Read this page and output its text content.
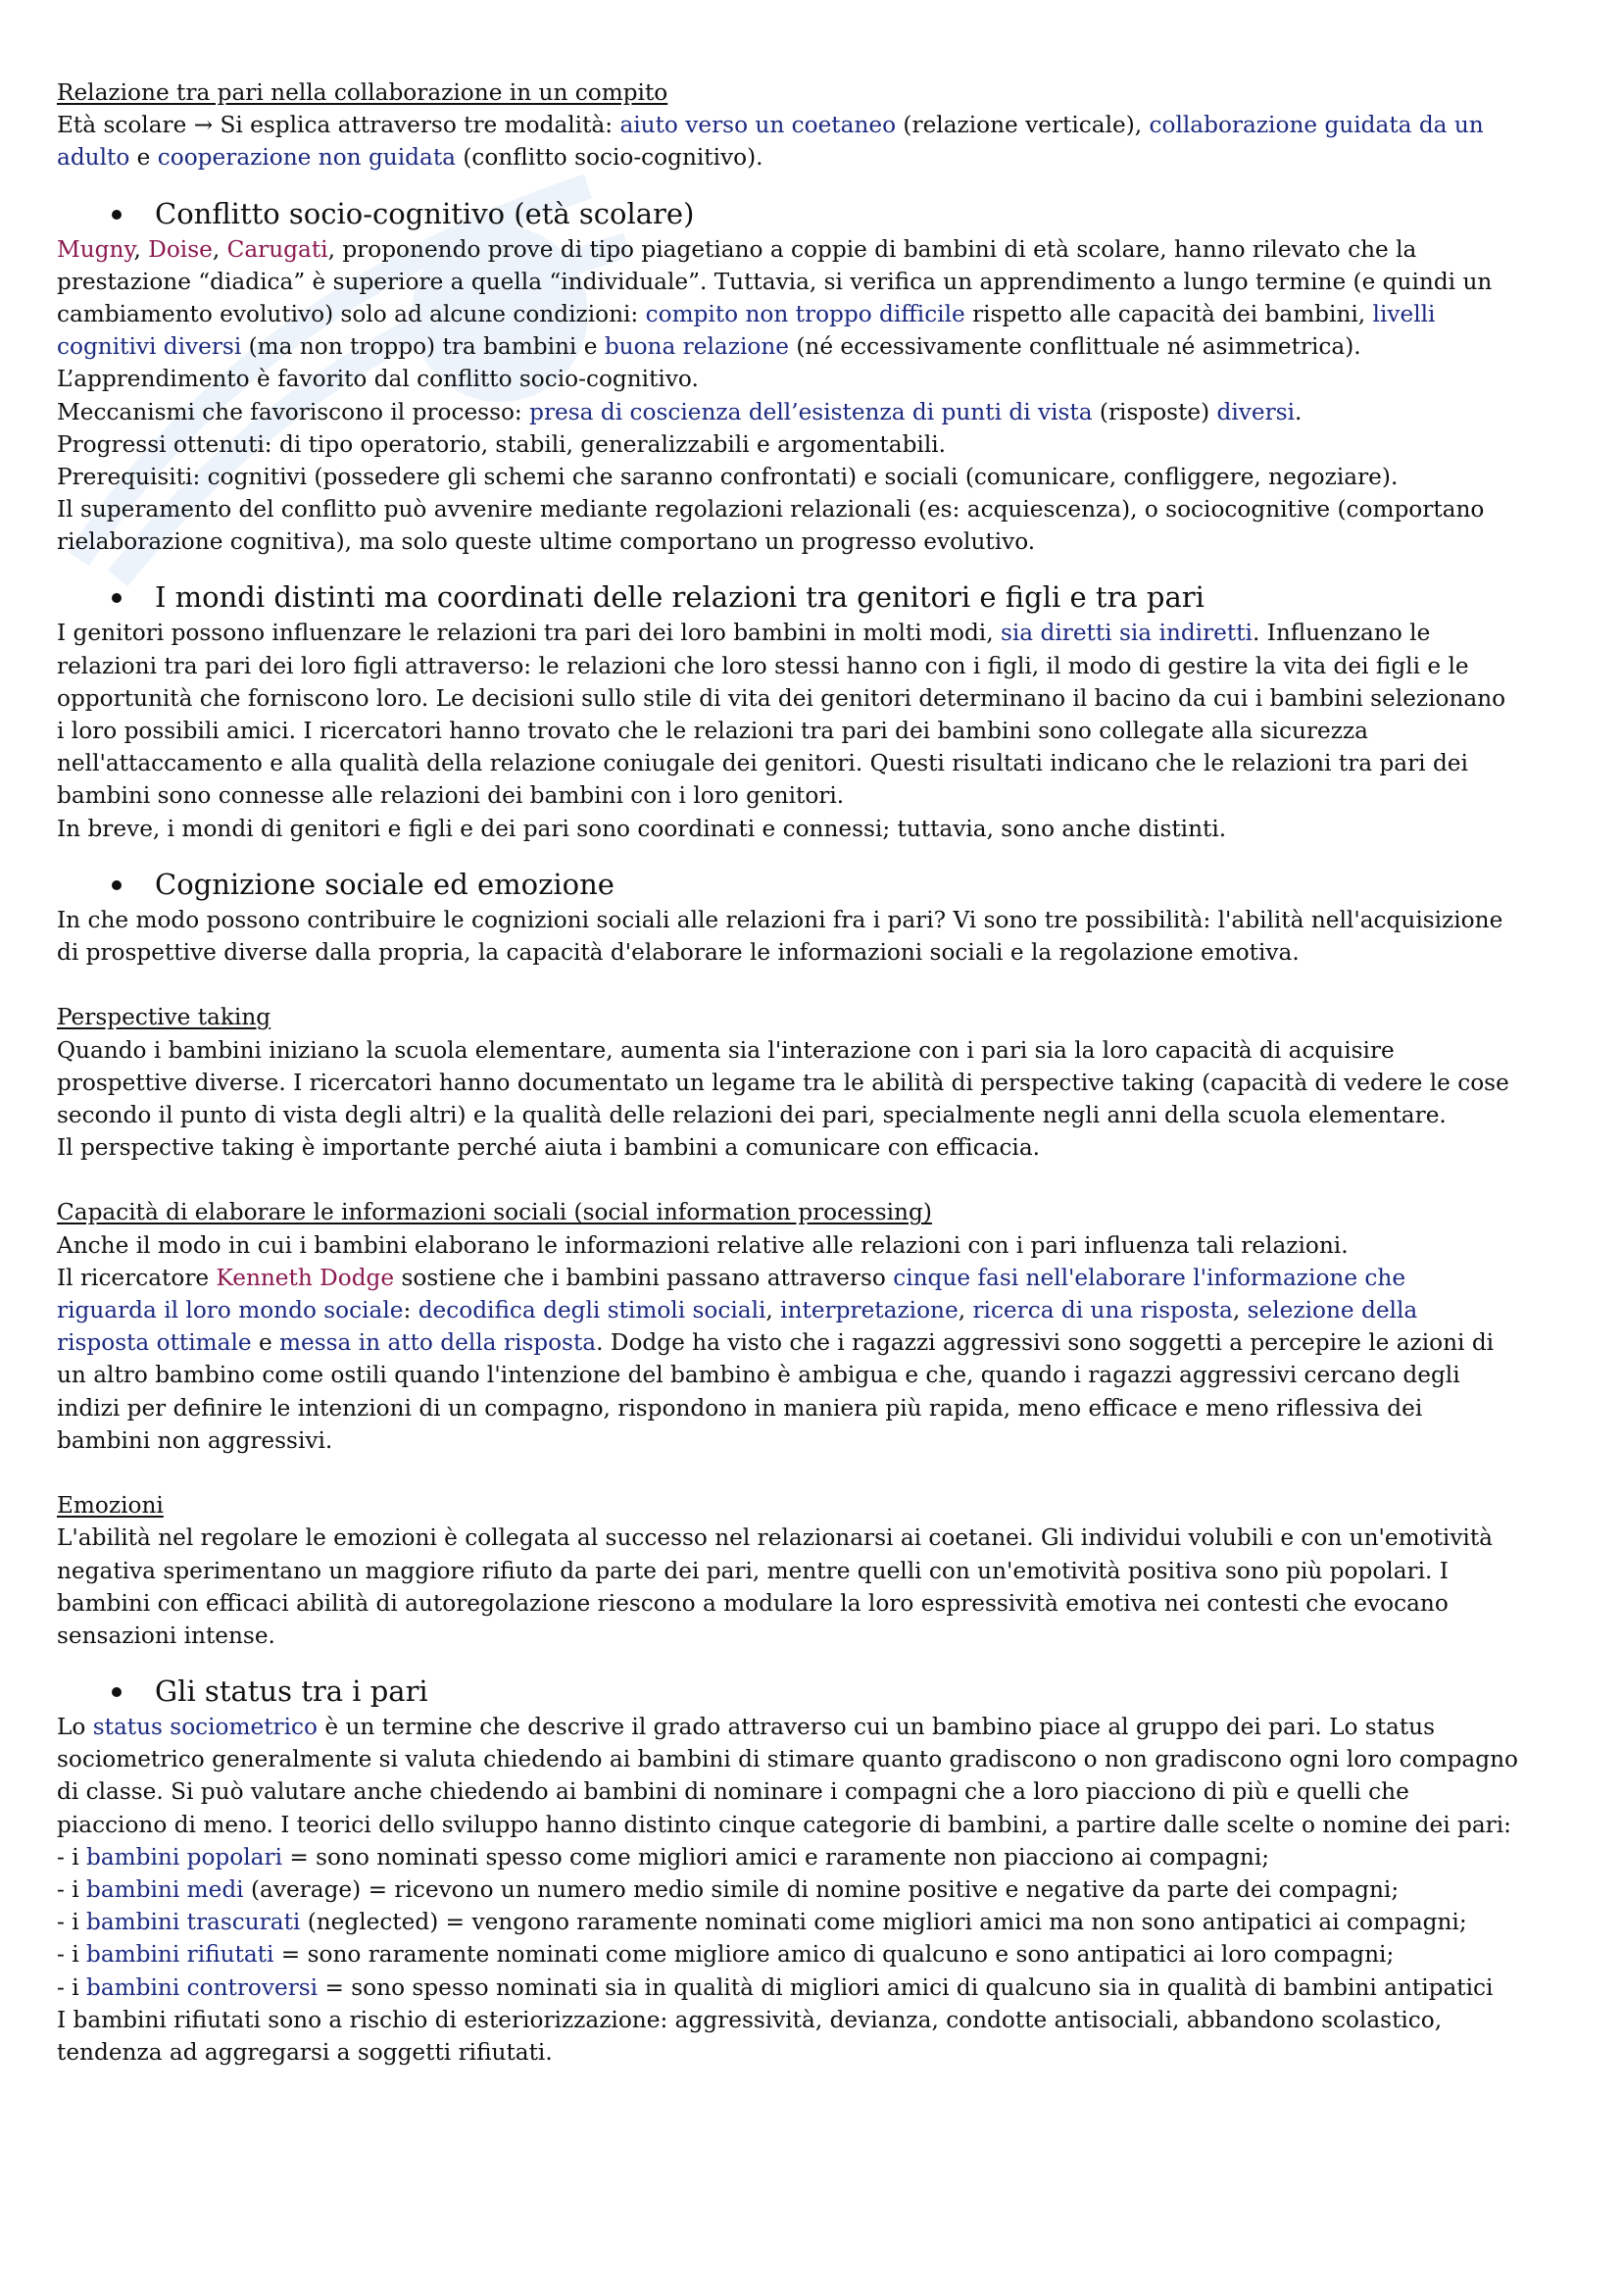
Relazione tra pari nella collaborazione in un compito
Età scolare → Si esplica attraverso tre modalità: aiuto verso un coetaneo (relazione verticale), collaborazione guidata da un
adulto e cooperazione non guidata (conflitto socio-cognitivo).
Conflitto socio-cognitivo (età scolare)
Mugny, Doise, Carugati, proponendo prove di tipo piagetiano a coppie di bambini di età scolare, hanno rilevato che la
prestazione “diadica” è superiore a quella “individuale”. Tuttavia, si verifica un apprendimento a lungo termine (e quindi un
cambiamento evolutivo) solo ad alcune condizioni: compito non troppo difficile rispetto alle capacità dei bambini, livelli
cognitivi diversi (ma non troppo) tra bambini e buona relazione (né eccessivamente conflittuale né asimmetrica).
L’apprendimento è favorito dal conflitto socio-cognitivo.
Meccanismi che favoriscono il processo: presa di coscienza dell’esistenza di punti di vista (risposte) diversi.
Progressi ottenuti: di tipo operatorio, stabili, generalizzabili e argomentabili.
Prerequisiti: cognitivi (possedere gli schemi che saranno confrontati) e sociali (comunicare, confliggere, negoziare).
Il superamento del conflitto può avvenire mediante regolazioni relazionali (es: acquiescenza), o sociocognitive (comportano
rielaborazione cognitiva), ma solo queste ultime comportano un progresso evolutivo.
I mondi distinti ma coordinati delle relazioni tra genitori e figli e tra pari
I genitori possono influenzare le relazioni tra pari dei loro bambini in molti modi, sia diretti sia indiretti. Influenzano le
relazioni tra pari dei loro figli attraverso: le relazioni che loro stessi hanno con i figli, il modo di gestire la vita dei figli e le
opportunità che forniscono loro. Le decisioni sullo stile di vita dei genitori determinano il bacino da cui i bambini selezionano
i loro possibili amici. I ricercatori hanno trovato che le relazioni tra pari dei bambini sono collegate alla sicurezza
nell'attaccamento e alla qualità della relazione coniugale dei genitori. Questi risultati indicano che le relazioni tra pari dei
bambini sono connesse alle relazioni dei bambini con i loro genitori.
In breve, i mondi di genitori e figli e dei pari sono coordinati e connessi; tuttavia, sono anche distinti.
Cognizione sociale ed emozione
In che modo possono contribuire le cognizioni sociali alle relazioni fra i pari? Vi sono tre possibilità: l'abilità nell'acquisizione
di prospettive diverse dalla propria, la capacità d'elaborare le informazioni sociali e la regolazione emotiva.
Perspective taking
Quando i bambini iniziano la scuola elementare, aumenta sia l'interazione con i pari sia la loro capacità di acquisire
prospettive diverse. I ricercatori hanno documentato un legame tra le abilità di perspective taking (capacità di vedere le cose
secondo il punto di vista degli altri) e la qualità delle relazioni dei pari, specialmente negli anni della scuola elementare.
Il perspective taking è importante perché aiuta i bambini a comunicare con efficacia.
Capacità di elaborare le informazioni sociali (social information processing)
Anche il modo in cui i bambini elaborano le informazioni relative alle relazioni con i pari influenza tali relazioni.
Il ricercatore Kenneth Dodge sostiene che i bambini passano attraverso cinque fasi nell'elaborare l'informazione che
riguarda il loro mondo sociale: decodifica degli stimoli sociali, interpretazione, ricerca di una risposta, selezione della
risposta ottimale e messa in atto della risposta. Dodge ha visto che i ragazzi aggressivi sono soggetti a percepire le azioni di
un altro bambino come ostili quando l'intenzione del bambino è ambigua e che, quando i ragazzi aggressivi cercano degli
indizi per definire le intenzioni di un compagno, rispondono in maniera più rapida, meno efficace e meno riflessiva dei
bambini non aggressivi.
Emozioni
L'abilità nel regolare le emozioni è collegata al successo nel relazionarsi ai coetanei. Gli individui volubili e con un'emotività
negativa sperimentano un maggiore rifiuto da parte dei pari, mentre quelli con un'emotività positiva sono più popolari. I
bambini con efficaci abilità di autoregolazione riescono a modulare la loro espressività emotiva nei contesti che evocano
sensazioni intense.
Gli status tra i pari
Lo status sociometrico è un termine che descrive il grado attraverso cui un bambino piace al gruppo dei pari. Lo status
sociometrico generalmente si valuta chiedendo ai bambini di stimare quanto gradiscono o non gradiscono ogni loro compagno
di classe. Si può valutare anche chiedendo ai bambini di nominare i compagni che a loro piacciono di più e quelli che
piacciono di meno. I teorici dello sviluppo hanno distinto cinque categorie di bambini, a partire dalle scelte o nomine dei pari:
- i bambini popolari = sono nominati spesso come migliori amici e raramente non piacciono ai compagni;
- i bambini medi (average) = ricevono un numero medio simile di nomine positive e negative da parte dei compagni;
- i bambini trascurati (neglected) = vengono raramente nominati come migliori amici ma non sono antipatici ai compagni;
- i bambini rifiutati = sono raramente nominati come migliore amico di qualcuno e sono antipatici ai loro compagni;
- i bambini controversi = sono spesso nominati sia in qualità di migliori amici di qualcuno sia in qualità di bambini antipatici
I bambini rifiutati sono a rischio di esteriorizzazione: aggressività, devianza, condotte antisociali, abbandono scolastico,
tendenza ad aggregarsi a soggetti rifiutati.
